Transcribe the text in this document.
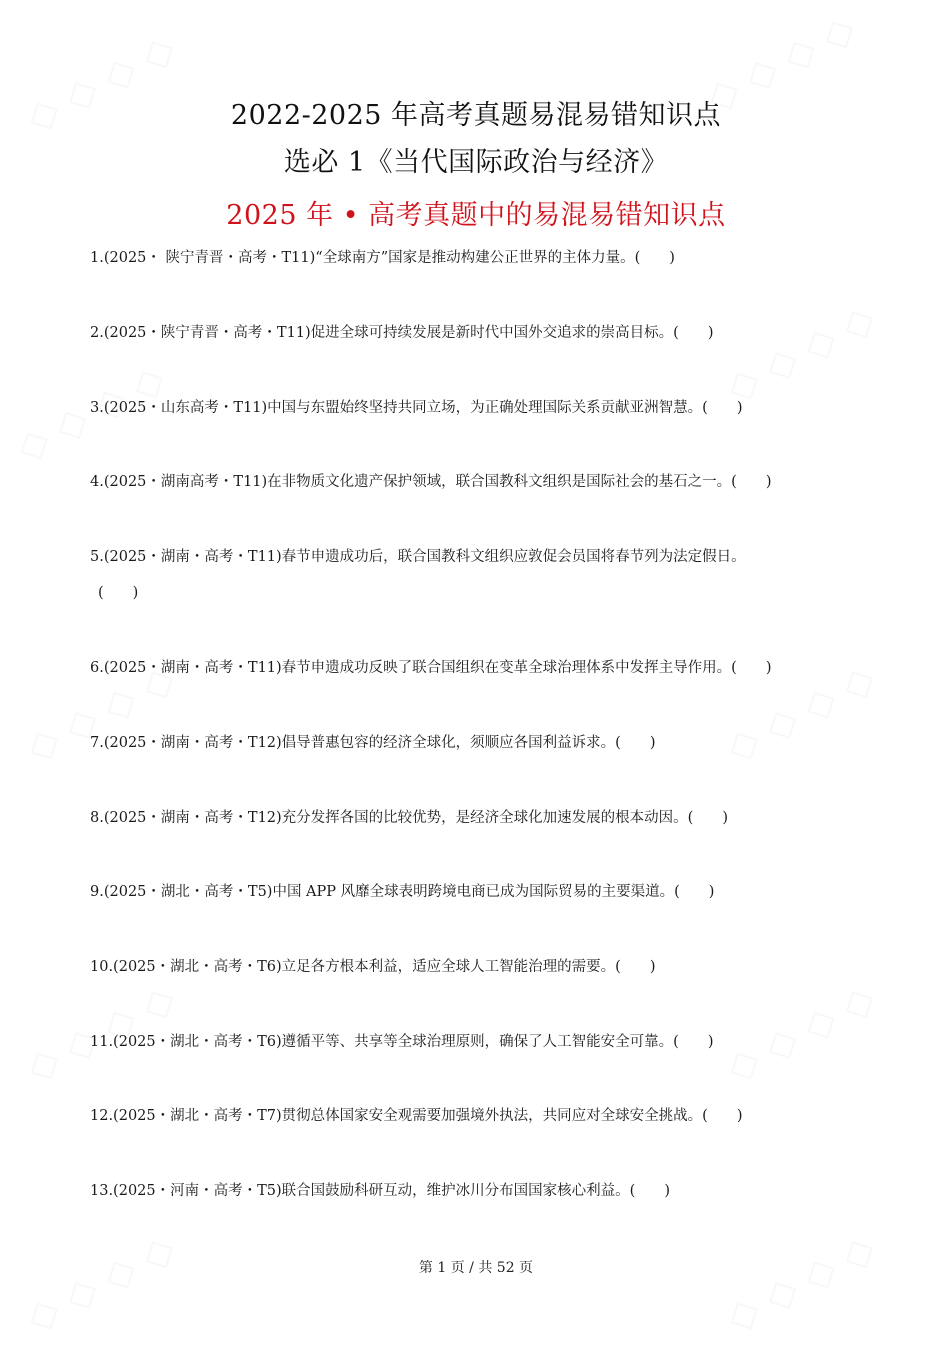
◇ ◇ ◇ ◇	◇ ◇ ◇ ◇
◇ ◇ ◇ ◇
◇ ◇ ◇ ◇
◇ ◇ ◇ ◇	◇ ◇ ◇ ◇
◇ ◇ ◇ ◇	◇ ◇ ◇ ◇
◇ ◇ ◇ ◇	◇ ◇ ◇ ◇
2022-2025 年高考真题易混易错知识点
选必 1《当代国际政治与经济》
2025 年 • 高考真题中的易混易错知识点
1.(2025・ 陕宁青晋・高考・T11)“全球南方”国家是推动构建公正世界的主体力量。(　　)
2.(2025・陕宁青晋・高考・T11)促进全球可持续发展是新时代中国外交追求的崇高目标。(　　)
3.(2025・山东高考・T11)中国与东盟始终坚持共同立场，为正确处理国际关系贡献亚洲智慧。(　　)
4.(2025・湖南高考・T11)在非物质文化遗产保护领域，联合国教科文组织是国际社会的基石之一。(　　)
5.(2025・湖南・高考・T11)春节申遗成功后，联合国教科文组织应敦促会员国将春节列为法定假日。
(　　)
6.(2025・湖南・高考・T11)春节申遗成功反映了联合国组织在变革全球治理体系中发挥主导作用。(　　)
7.(2025・湖南・高考・T12)倡导普惠包容的经济全球化，须顺应各国利益诉求。(　　)
8.(2025・湖南・高考・T12)充分发挥各国的比较优势，是经济全球化加速发展的根本动因。(　　)
9.(2025・湖北・高考・T5)中国 APP 风靡全球表明跨境电商已成为国际贸易的主要渠道。(　　)
10.(2025・湖北・高考・T6)立足各方根本利益，适应全球人工智能治理的需要。(　　)
11.(2025・湖北・高考・T6)遵循平等、共享等全球治理原则，确保了人工智能安全可靠。(　　)
12.(2025・湖北・高考・T7)贯彻总体国家安全观需要加强境外执法，共同应对全球安全挑战。(　　)
13.(2025・河南・高考・T5)联合国鼓励科研互动，维护冰川分布国国家核心利益。(　　)
第 1 页 / 共 52 页
